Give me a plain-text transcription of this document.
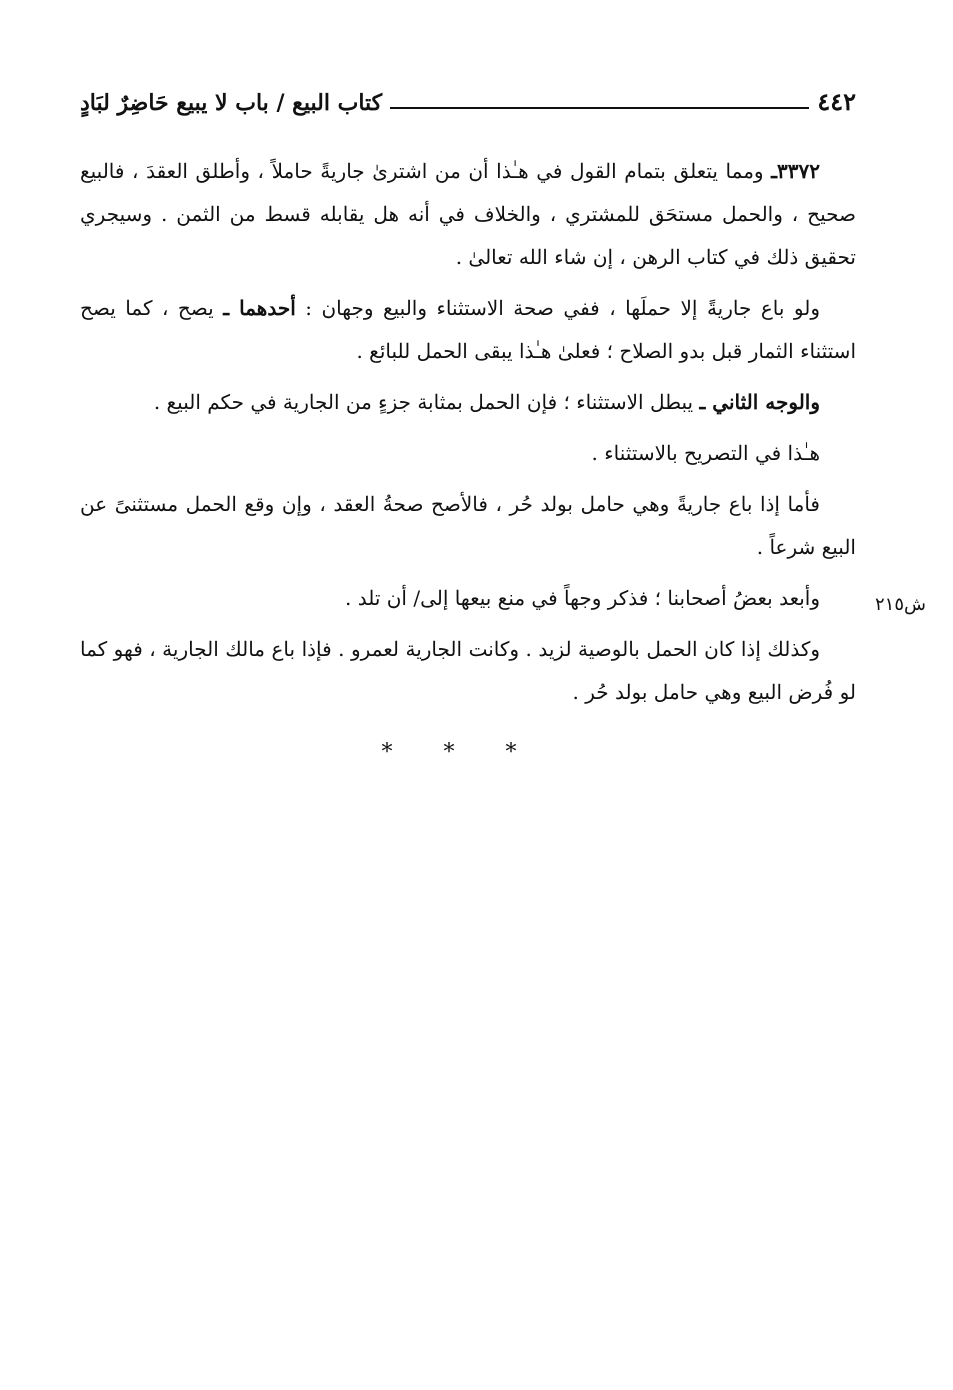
٤٤٢
كتاب البيع / باب لا يبيع حَاضِرٌ لبَادٍ

٣٣٧٢ـ ومما يتعلق بتمام القول في هـٰذا أن من اشترىٰ جاريةً حاملاً ، وأطلق العقدَ ، فالبيع صحيح ، والحمل مستحَق للمشتري ، والخلاف في أنه هل يقابله قسط من الثمن . وسيجري تحقيق ذلك في كتاب الرهن ، إن شاء الله تعالىٰ .

ولو باع جاريةً إلا حملَها ، ففي صحة الاستثناء والبيع وجهان : أحدهما ـ يصح ، كما يصح استثناء الثمار قبل بدو الصلاح ؛ فعلىٰ هـٰذا يبقى الحمل للبائع .

والوجه الثاني ـ يبطل الاستثناء ؛ فإن الحمل بمثابة جزءٍ من الجارية في حكم البيع .

هـٰذا في التصريح بالاستثناء .

فأما إذا باع جاريةً وهي حامل بولد حُر ، فالأصح صحةُ العقد ، وإن وقع الحمل مستثنىً عن البيع شرعاً .

وأبعد بعضُ أصحابنا ؛ فذكر وجهاً في منع بيعها إلى/ أن تلد .

وكذلك إذا كان الحمل بالوصية لزيد . وكانت الجارية لعمرو . فإذا باع مالك الجارية ، فهو كما لو فُرض البيع وهي حامل بولد حُر .

ش٢١٥
* * *
